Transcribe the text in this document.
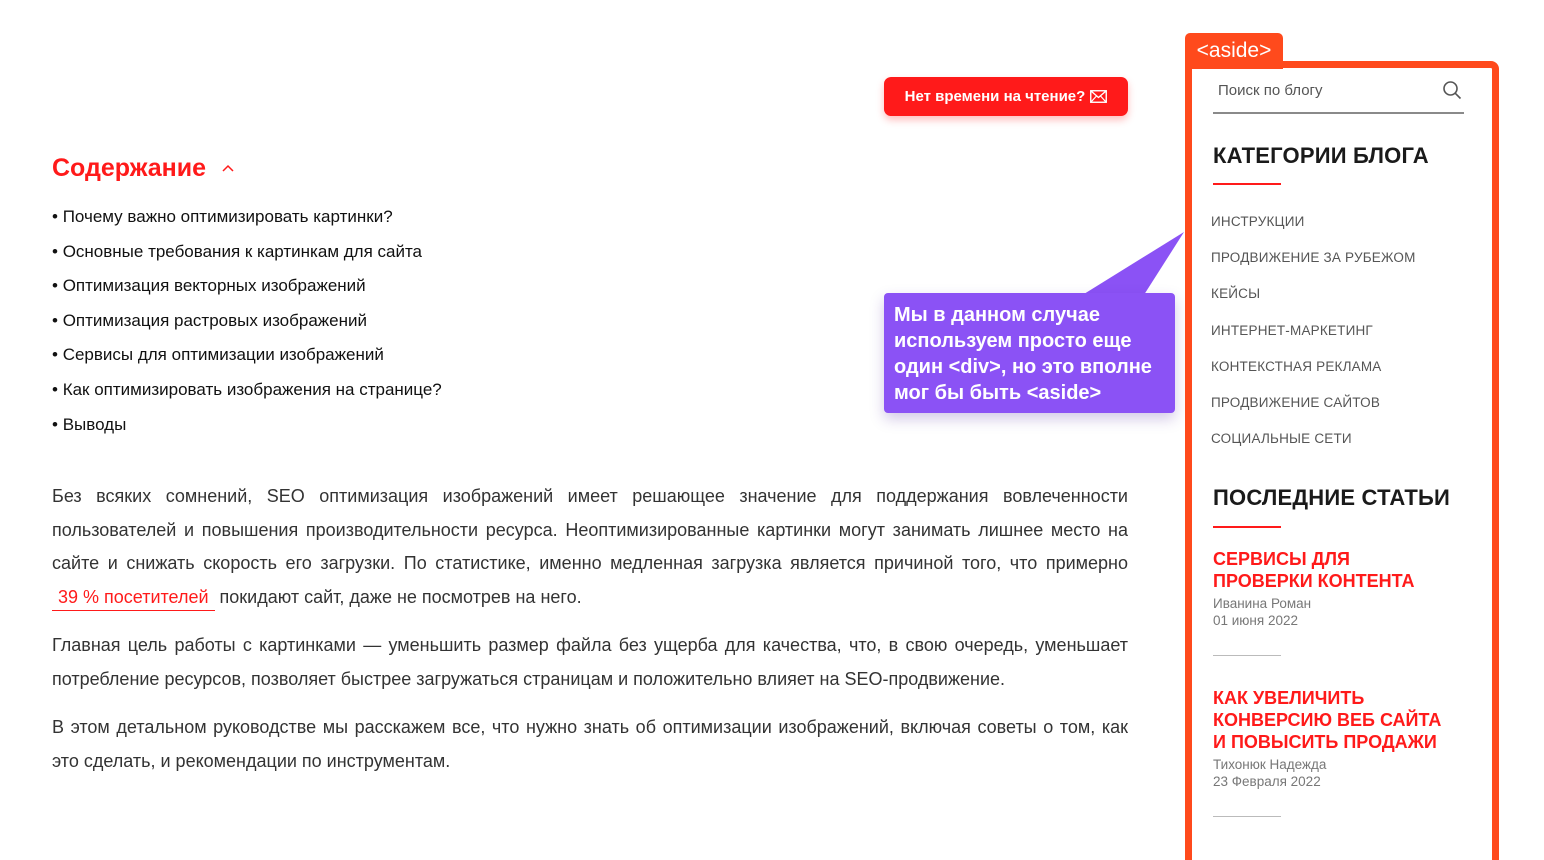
Нет времени на чтение?
Содержание
• Почему важно оптимизировать картинки?
• Основные требования к картинкам для сайта
• Оптимизация векторных изображений
• Оптимизация растровых изображений
• Сервисы для оптимизации изображений
• Как оптимизировать изображения на странице?
• Выводы

Без всяких сомнений, SEO оптимизация изображений имеет решающее значение для поддержания вовлеченности пользователей и повышения производительности ресурса. Неоптимизированные картинки могут занимать лишнее место на сайте и снижать скорость его загрузки. По статистике, именно медленная загрузка является причиной того, что примерно 39 % посетителей покидают сайт, даже не посмотрев на него.

Главная цель работы с картинками — уменьшить размер файла без ущерба для качества, что, в свою очередь, уменьшает потребление ресурсов, позволяет быстрее загружаться страницам и положительно влияет на SEO-продвижение.

В этом детальном руководстве мы расскажем все, что нужно знать об оптимизации изображений, включая советы о том, как это сделать, и рекомендации по инструментам.

Мы в данном случае используем просто еще один <div>, но это вполне мог бы быть <aside>
<aside>
Поиск по блогу
КАТЕГОРИИ БЛОГА
ИНСТРУКЦИИ
ПРОДВИЖЕНИЕ ЗА РУБЕЖОМ
КЕЙСЫ
ИНТЕРНЕТ-МАРКЕТИНГ
КОНТЕКСТНАЯ РЕКЛАМА
ПРОДВИЖЕНИЕ САЙТОВ
СОЦИАЛЬНЫЕ СЕТИ
ПОСЛЕДНИЕ СТАТЬИ
СЕРВИСЫ ДЛЯ ПРОВЕРКИ КОНТЕНТА
Иванина Роман
01 июня 2022
КАК УВЕЛИЧИТЬ КОНВЕРСИЮ ВЕБ САЙТА И ПОВЫСИТЬ ПРОДАЖИ
Тихонюк Надежда
23 Февраля 2022
